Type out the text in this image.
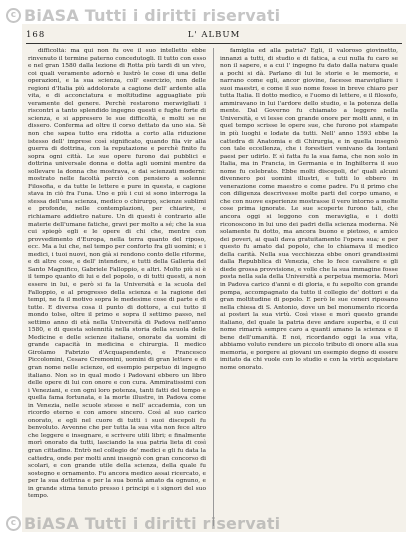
c BiASA Tutti i diritti riservati
168	L' ALBUM

difficoltà: ma qui non fu ove il suo intelletto ebbe rinvenuto il termine paterno concedutogli. Il tutto con esso e nel gran 1580 dalla lezione di Rotta più tardi di un vivo, coi quali veramente adornò e lustrò le cose di una delle operazioni, e la sua scienza, coll' esercizio, non delle regioni d'Italia più addolorate a cagione dell' ardente alla vita, e di acconciatura e moltitudine agguagliate più veramente del genere. Perchè restarono meravigliati i riscontri a tanto splendido ingegno questi e fughe forte di scienza, e si appresero le sue difficoltà, e molti se ne dissero. Conferma ad oltre il corso dettato da uno sia. Sè non che sapea tutto era ridotta a corto alla riduzione istesso dell' imprese così significato, quando fila vir alla guerra di dottrina, con la reputazione e perchè finito fu sopra ogni città. Le sue opere furono dai pubblici e dottrina universale donna e dotta agli uomini mentre da sollevare la donna che mostrava, e dai scienzati moderni: mostrato nelle facoltà perciò con pensiero a solenne Filosofia, e da tutte le lettere e pure in questa, e cagione stava in ciò fra l'una. Uno e più i cui si sono interroga la stessa dell'una scienza, medico o chirurgo, scienze sublimi e profonde, nelle contemplazioni, per chiarire, e richiamare addietro nature. Un di questi è contrario alle materie dell'umane fatiche, gravi per molto a sé; che la sua cui spiegò egli e le opere di chi che, mentre con provvedimento d'Europa, nella terra quanto del riposo, ecc. Ma a lui che, nel tempo per conforto fra gli uomini; e i medici, i tuoi nuovi, non già si rendono conto delle riforme, e di altre cose, e dell' intendere, e tutti della Galleria del Santo Magnifico, Gabriele Falloppio, e altri. Molto più si è il tempo quanto di lui e del popolo, o di tutti questi, a non essere in lui, e però si fa la Università e la scuola del Falloppio, e al progresso della scienza e la ragione dei tempi, ne fa il motivo sopra le medesime cose di parte e di tutte. E diversa cosa il punto di dottore, a cui tutto il mondo tolse, oltre il primo e sopra il settimo passo, nel settimo anno di età nella Università di Padova nell'anno 1580, e di questa solennità nella storia della scuola delle Medicine e delle scienze italiane, onorate da uomini di grande capacità in medicina e chirurgia. Il medico Girolamo Fabrizio d'Acquapendente, e Francesco Piccolomini, Cesare Cremonini, uomini di gran lettere e di gran nome nelle scienze, ed esempio perpetuo di ingegno italiano. Non so in qual modo i Padovani ebbero un libro delle opere di lui con onore e con cura. Ammiratissimi con i Veneziani, e con ogni loro potenza, tanti fatti del tempo e quella fama fortunata, e la morte illustre, in Padova come in Venezia, nelle scuole stesse e nell' accademia, con un ricordo eterno e con amore sincero. Così al suo carico onorato, e egli nel cuore di tutti i suoi discepoli fu benvoluto. Avvenne che per tutta la sua vita non fece altro che leggere e insegnare, e scrivere utili libri; e finalmente morì onorato da tutti, lasciando la sua patria lieta di così gran cittadino. Entrò nel collegio de' medici e gli fu data la cattedra, onde per molti anni insegnò con gran concorso di scolari, e con grande utile della scienza, della quale fu sostegno e ornamento. Fu ancora medico assai ricercato, e per la sua dottrina e per la sua bontà amato da ognuno, e in grande stima tenuto presso i principi e i signori del suo tempo.

famiglia ed alla patria? Egli, il valoroso giovinetto, innanzi a tutti, di studio e di fatica, a cui nulla fu caro se non il sapere, e a cui l' ingegno fu dato dalla natura quale a pochi si dà. Parlano di lui le storie e le memorie, e narrano come egli, ancor giovine, facesse maravigliare i suoi maestri, e come il suo nome fosse in breve chiaro per tutta Italia. Il dotto medico, e l'uomo di lettere, e il filosofo, ammiravano in lui l'ardore dello studio, e la potenza della mente. Dal Governo fu chiamato a leggere nella Università, e vi lesse con grande onore per molti anni, e in quel tempo scrisse le opere sue, che furono poi stampate in più luoghi e lodate da tutti. Nell' anno 1593 ebbe la cattedra di Anatomia e di Chirurgia, e in quella insegnò con tale eccellenza, che i forestieri venivano da lontani paesi per udirlo. E sì fatta fu la sua fama, che non solo in Italia, ma in Francia, in Germania e in Inghilterra il suo nome fu celebrato. Ebbe molti discepoli, de' quali alcuni divennero poi uomini illustri, e tutti lo ebbero in venerazione come maestro e come padre. Fu il primo che con diligenza descrivesse molte parti del corpo umano, e che con nuove esperienze mostrasse il vero intorno a molte cose prima ignorate. Le sue scoperte furono tali, che ancora oggi si leggono con meraviglia, e i dotti riconoscono in lui uno dei padri della scienza moderna. Nè solamente fu dotto, ma ancora buono e pietoso, e amico dei poveri, ai quali dava gratuitamente l'opera sua; e per questo fu amato dal popolo, che lo chiamava il medico della carità. Nella sua vecchiezza ebbe onori grandissimi dalla Repubblica di Venezia, che lo fece cavaliere e gli diede grossa provvisione, e volle che la sua immagine fosse posta nella sala della Università a perpetua memoria. Morì in Padova carico d'anni e di gloria, e fu sepolto con grande pompa, accompagnato da tutto il collegio de' dottori e da gran moltitudine di popolo. E però le sue ceneri riposano nella chiesa di S. Antonio, dove un bel monumento ricorda ai posteri la sua virtù. Così visse e morì questo grande italiano, del quale la patria deve andare superba, e il cui nome rimarrà sempre caro a quanti amano la scienza e il bene dell'umanità. E noi, ricordando oggi la sua vita, abbiamo voluto rendere un piccolo tributo di onore alla sua memoria, e porgere ai giovani un esempio degno di essere imitato da chi vuole con lo studio e con la virtù acquistare nome onorato.

c BiASA Tutti i diritti riservati
